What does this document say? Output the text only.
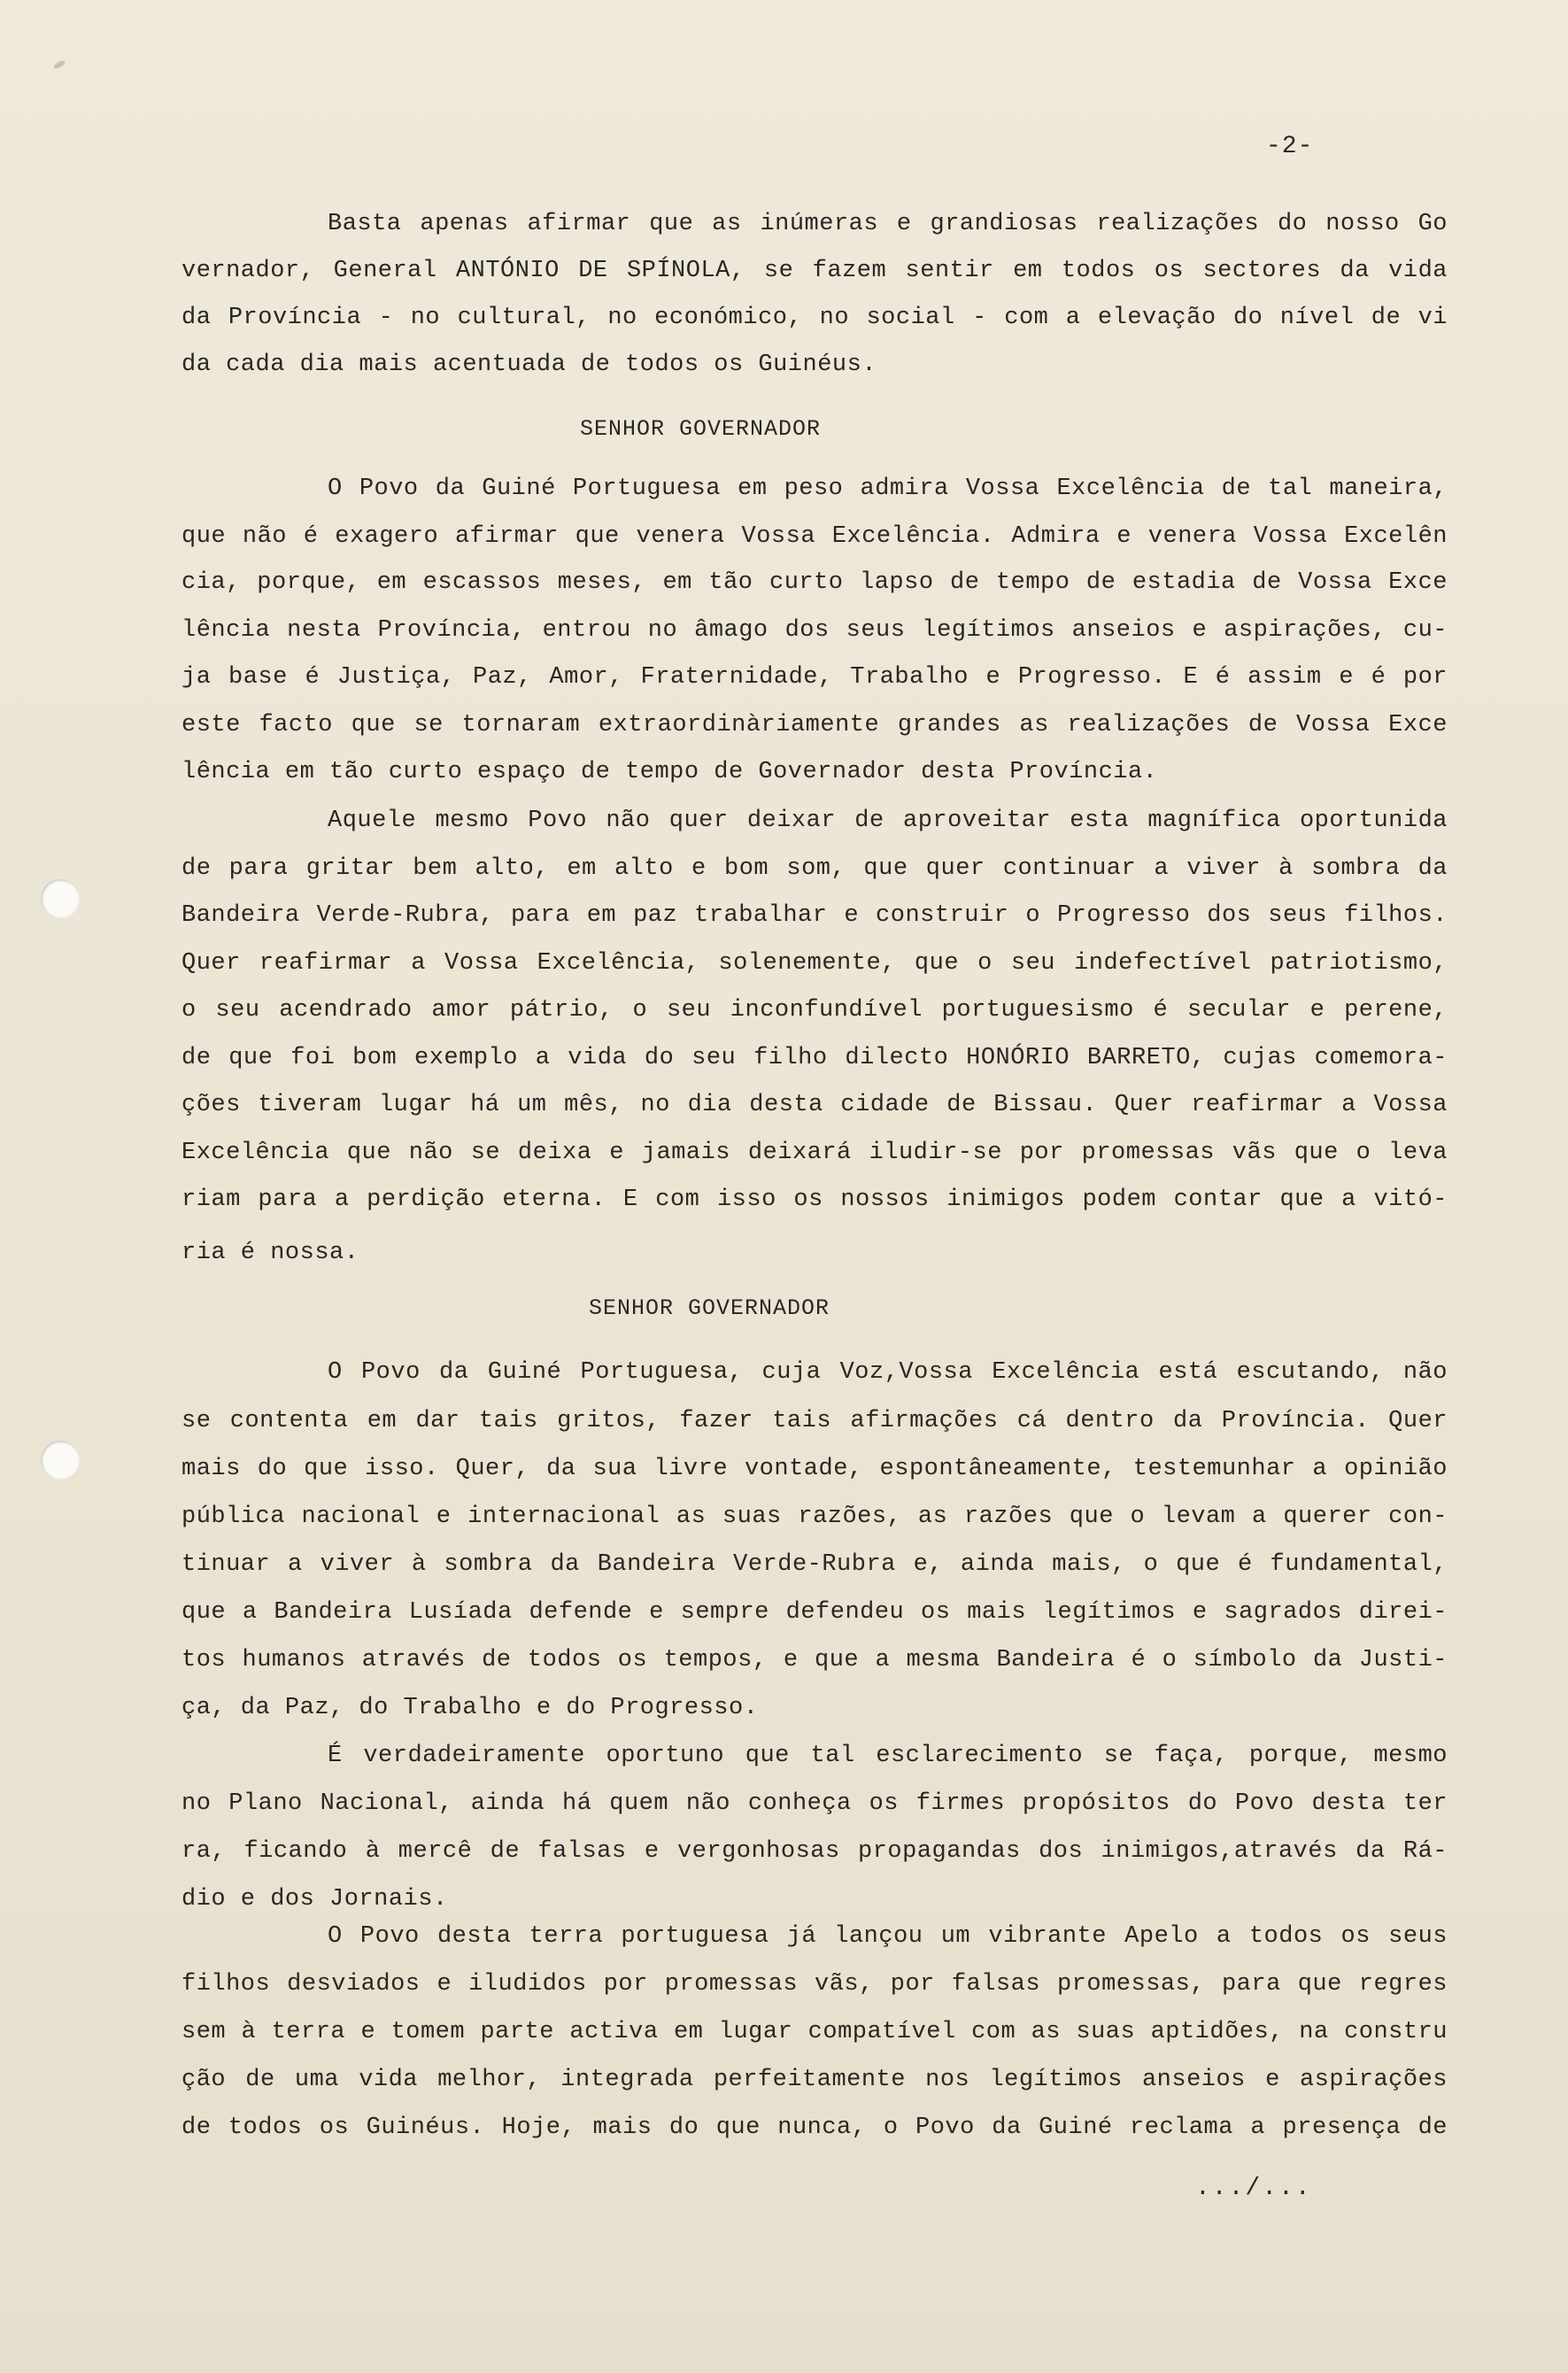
-2-
Basta apenas afirmar que as inúmeras e grandiosas realizações do nosso Go
vernador, General ANTÓNIO DE SPÍNOLA, se fazem sentir em todos os sectores da vida
da Província - no cultural, no económico, no social - com a elevação do nível de vi
da cada dia mais acentuada de todos os Guinéus.
SENHOR GOVERNADOR
O Povo da Guiné Portuguesa em peso admira Vossa Excelência de tal maneira,
que não é exagero afirmar que venera Vossa Excelência. Admira e venera Vossa Excelên
cia, porque, em escassos meses, em tão curto lapso de tempo de estadia de Vossa Exce
lência nesta Província, entrou no âmago dos seus legítimos anseios e aspirações, cu-
ja base é Justiça, Paz, Amor, Fraternidade, Trabalho e Progresso. E é assim e é por
este facto que se tornaram extraordinàriamente grandes as realizações de Vossa Exce
lência em tão curto espaço de tempo de Governador desta Província.
Aquele mesmo Povo não quer deixar de aproveitar esta magnífica oportunida
de para gritar bem alto, em alto e bom som, que quer continuar a viver à sombra da
Bandeira Verde-Rubra, para em paz trabalhar e construir o Progresso dos seus filhos.
Quer reafirmar a Vossa Excelência, solenemente, que o seu indefectível patriotismo,
o seu acendrado amor pátrio, o seu inconfundível portuguesismo é secular e perene,
de que foi bom exemplo a vida do seu filho dilecto HONÓRIO BARRETO, cujas comemora-
ções tiveram lugar há um mês, no dia desta cidade de Bissau. Quer reafirmar a Vossa
Excelência que não se deixa e jamais deixará iludir-se por promessas vãs que o leva
riam para a perdição eterna. E com isso os nossos inimigos podem contar que a vitó-
ria é nossa.
SENHOR GOVERNADOR
O Povo da Guiné Portuguesa, cuja Voz,Vossa Excelência está escutando, não
se contenta em dar tais gritos, fazer tais afirmações cá dentro da Província. Quer
mais do que isso. Quer, da sua livre vontade, espontâneamente, testemunhar a opinião
pública nacional e internacional as suas razões, as razões que o levam a querer con-
tinuar a viver à sombra da Bandeira Verde-Rubra e, ainda mais, o que é fundamental,
que a Bandeira Lusíada defende e sempre defendeu os mais legítimos e sagrados direi-
tos humanos através de todos os tempos, e que a mesma Bandeira é o símbolo da Justi-
ça, da Paz, do Trabalho e do Progresso.
É verdadeiramente oportuno que tal esclarecimento se faça, porque, mesmo
no Plano Nacional, ainda há quem não conheça os firmes propósitos do Povo desta ter
ra, ficando à mercê de falsas e vergonhosas propagandas dos inimigos,através da Rá-
dio e dos Jornais.
O Povo desta terra portuguesa já lançou um vibrante Apelo a todos os seus
filhos desviados e iludidos por promessas vãs, por falsas promessas, para que regres
sem à terra e tomem parte activa em lugar compatível com as suas aptidões, na constru
ção de uma vida melhor, integrada perfeitamente nos legítimos anseios e aspirações
de todos os Guinéus. Hoje, mais do que nunca, o Povo da Guiné reclama a presença de
.../...
